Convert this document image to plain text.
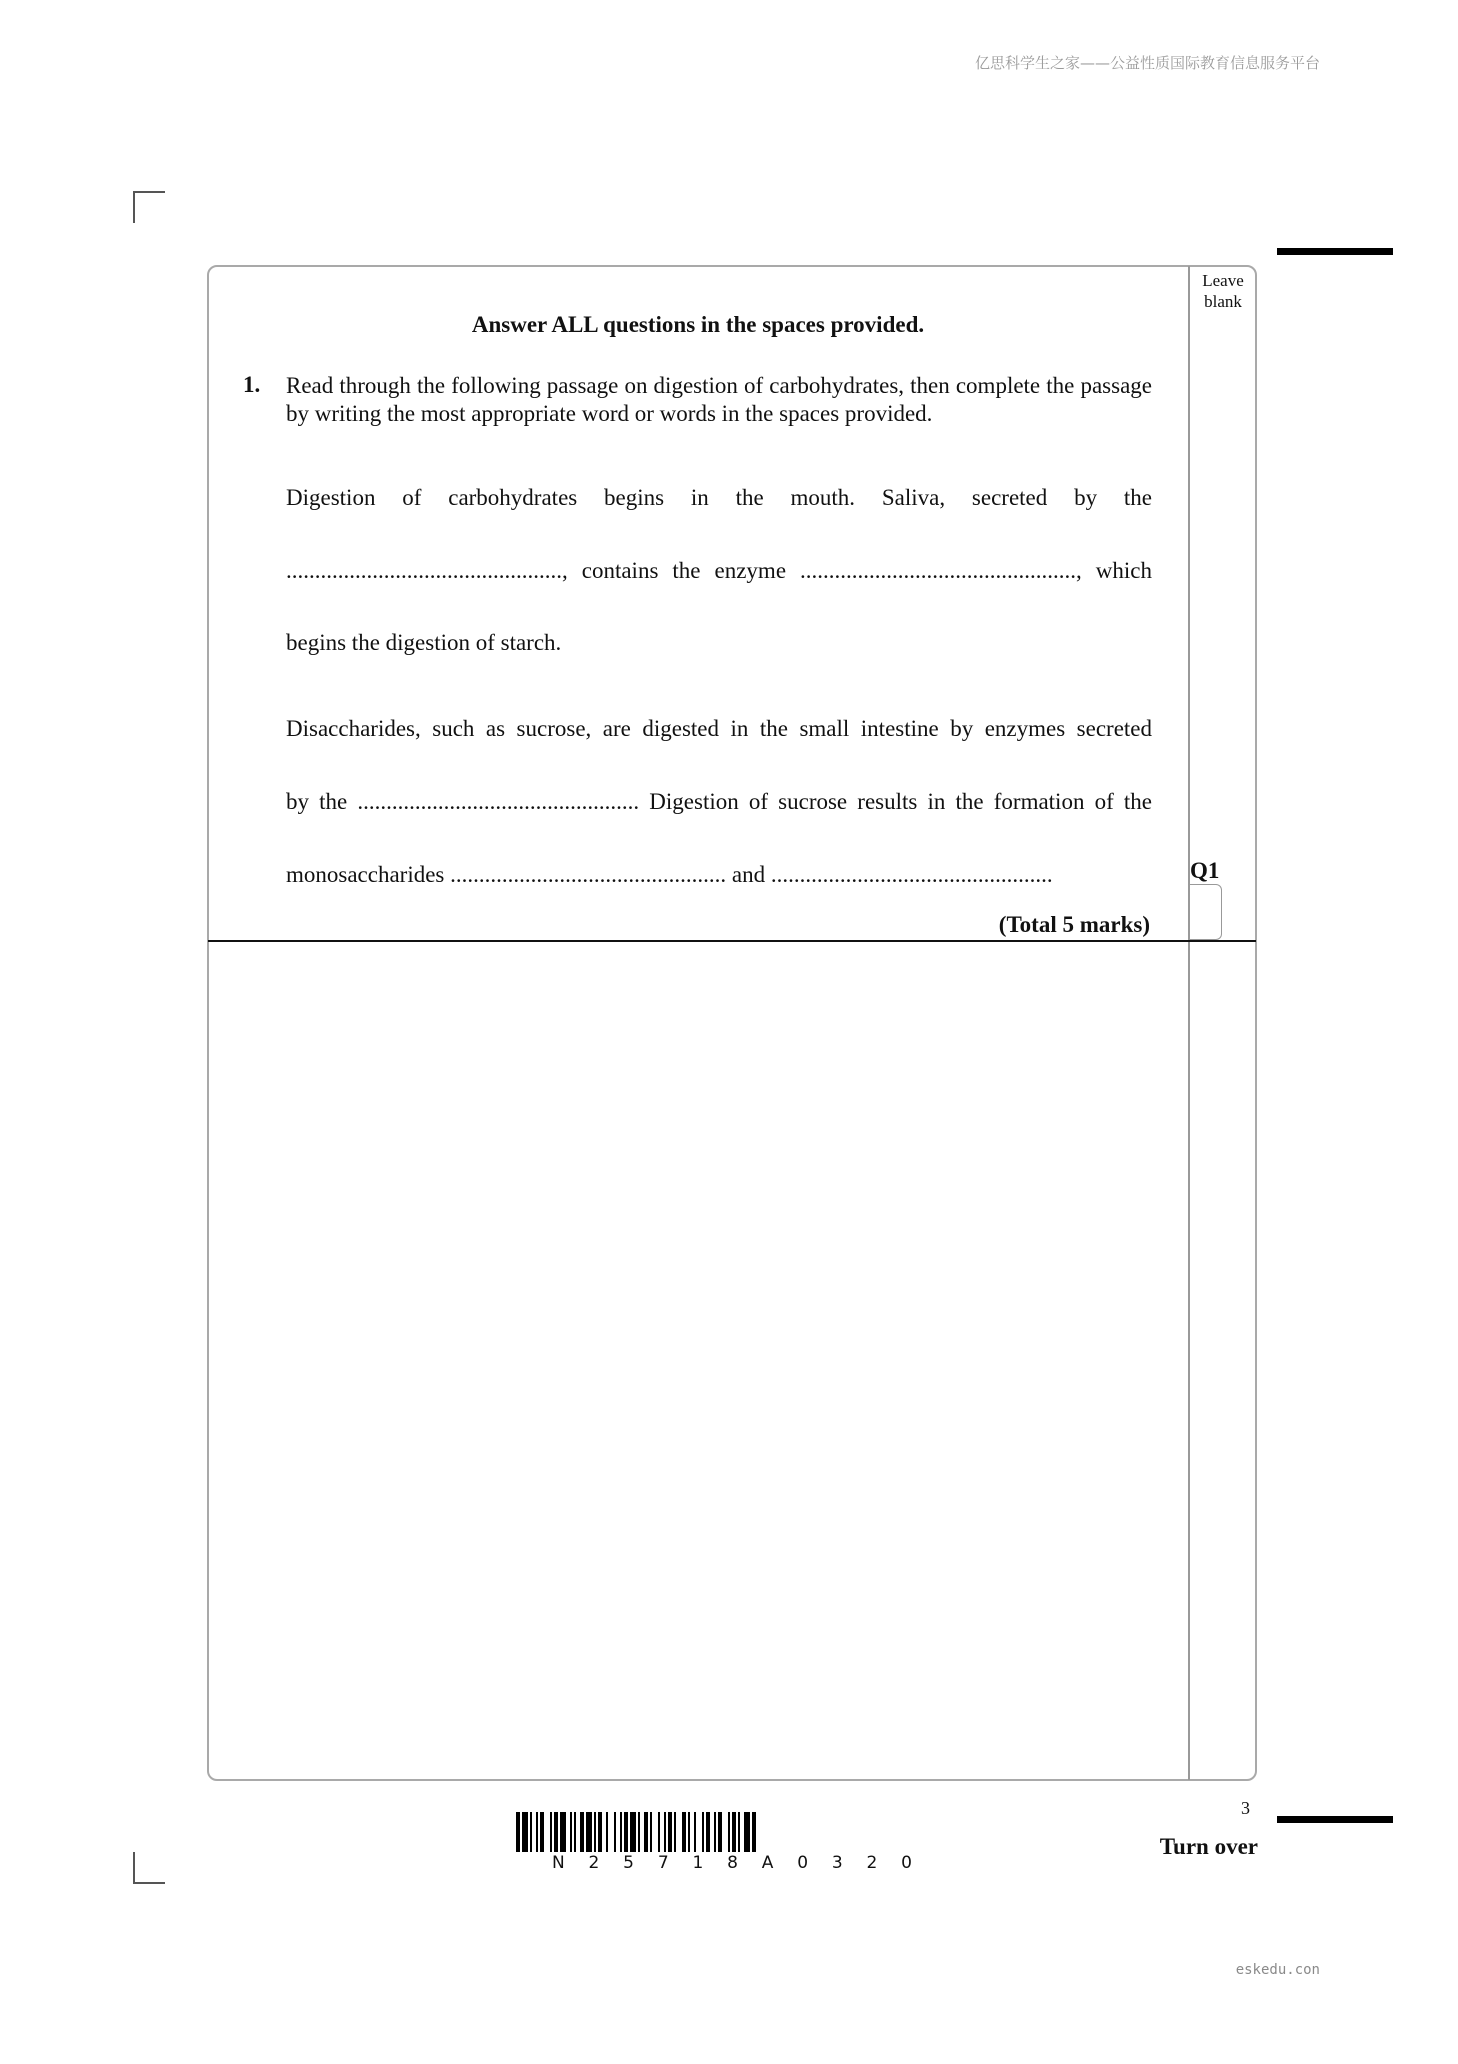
亿思科学生之家——公益性质国际教育信息服务平台
Leave
blank
Answer ALL questions in the spaces provided.
1. Read through the following passage on digestion of carbohydrates, then complete the passage by writing the most appropriate word or words in the spaces provided.
Digestion of carbohydrates begins in the mouth. Saliva, secreted by the
................................................, contains the enzyme ................................................, which
begins the digestion of starch.
Disaccharides, such as sucrose, are digested in the small intestine by enzymes secreted
by the ................................................. Digestion of sucrose results in the formation of the
monosaccharides ................................................ and .................................................	Q1
(Total 5 marks)
N 2 5 7 1 8 A 0 3 2 0
3
Turn over
eskedu.con
